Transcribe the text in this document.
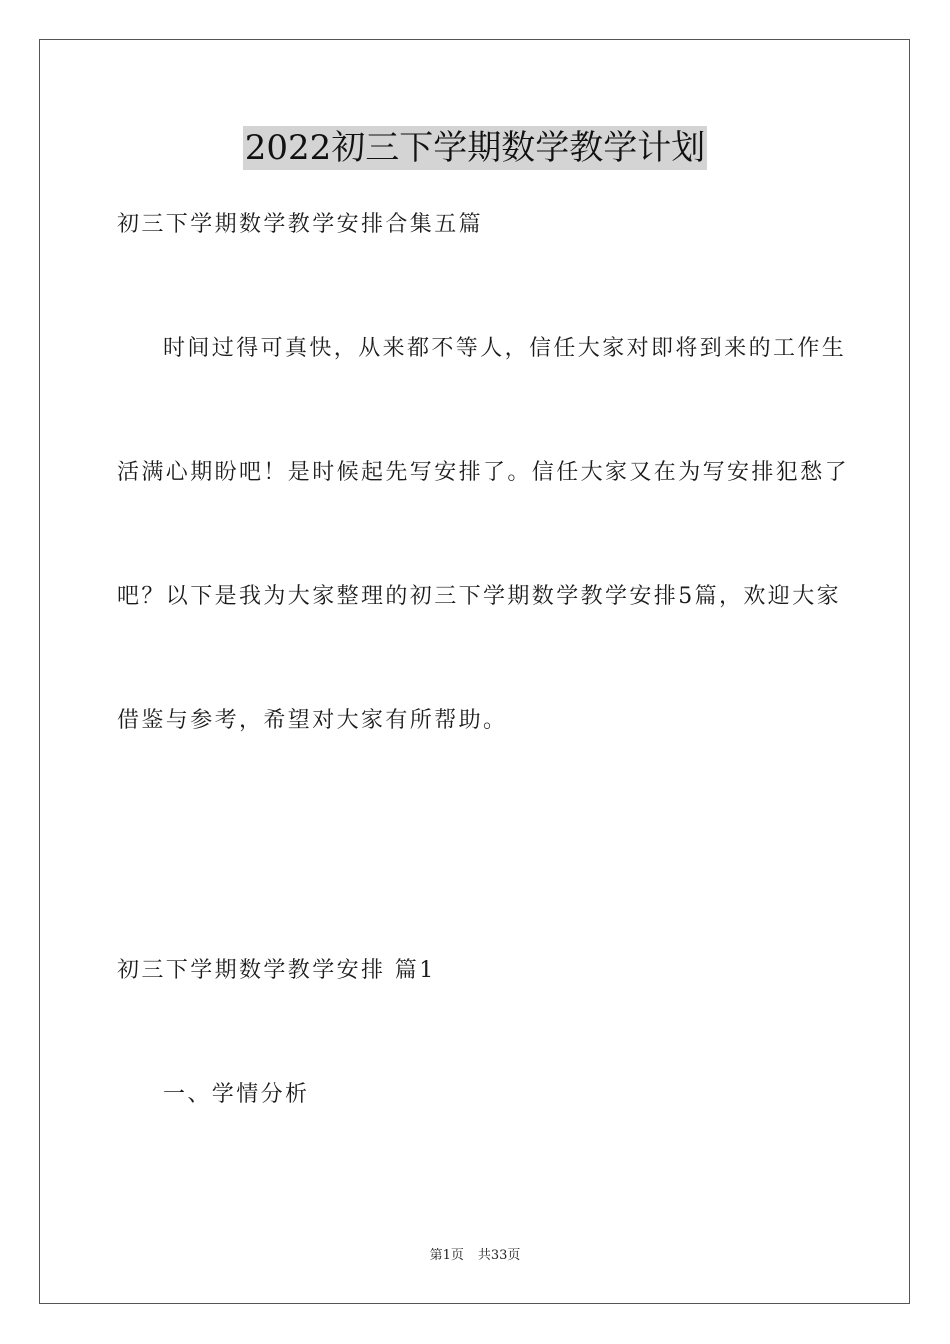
2022初三下学期数学教学计划
初三下学期数学教学安排合集五篇
时间过得可真快，从来都不等人，信任大家对即将到来的工作生
活满心期盼吧！是时候起先写安排了。信任大家又在为写安排犯愁了
吧？以下是我为大家整理的初三下学期数学教学安排5篇，欢迎大家
借鉴与参考，希望对大家有所帮助。
初三下学期数学教学安排 篇1
一、学情分析
第1页 共33页
